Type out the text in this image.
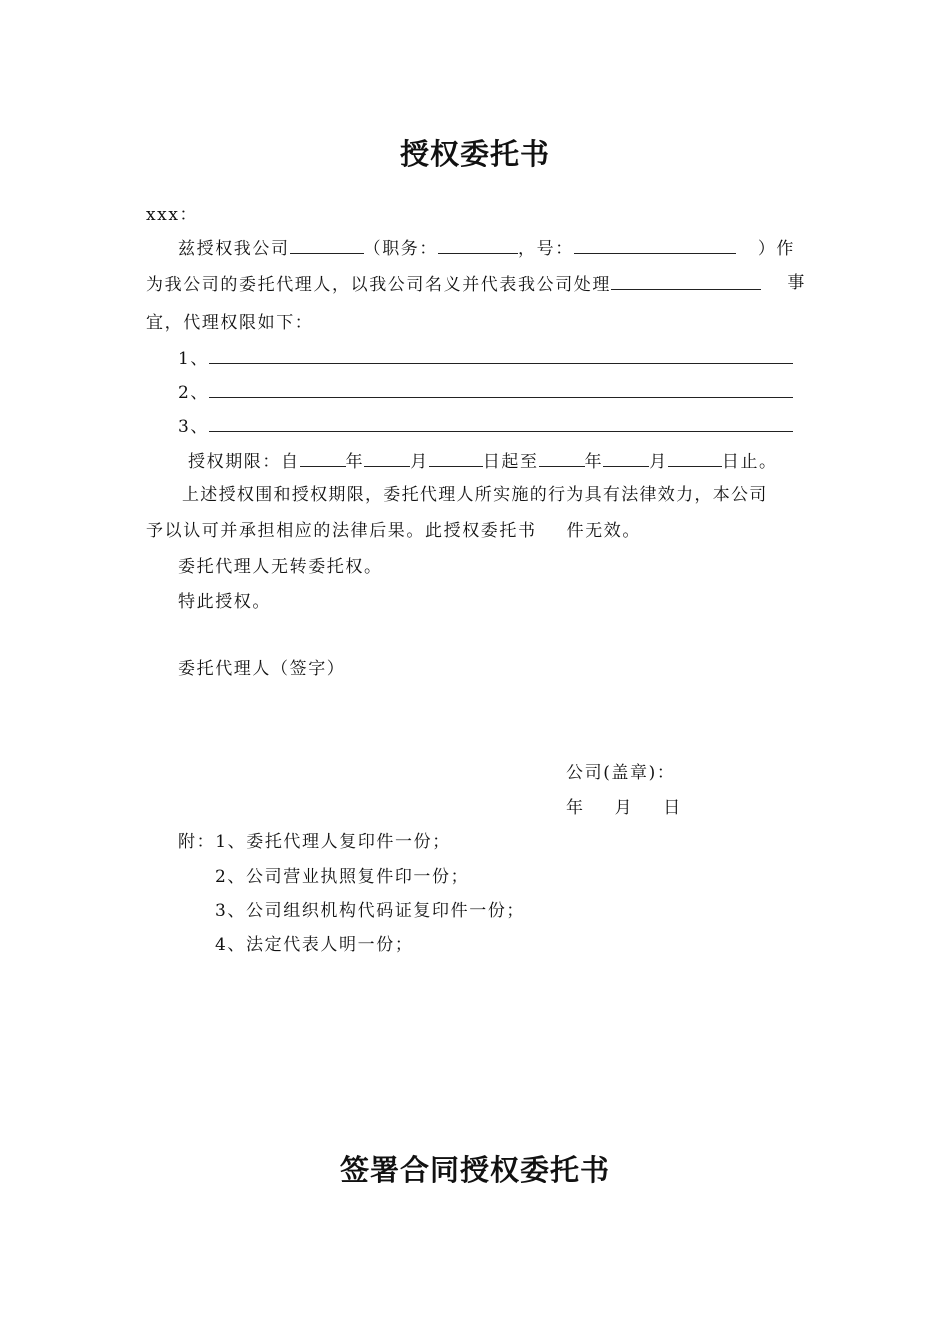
授权委托书
xxx：
兹授权我公司	（职务：	，号：	）作
为我公司的委托代理人，以我公司名义并代表我公司处理	事
宜，代理权限如下：
1、
2、
3、
授权期限：自	年	月	日起至	年	月	日止。
上述授权围和授权期限，委托代理人所实施的行为具有法律效力，本公司
予以认可并承担相应的法律后果。此授权委托书 件无效。
委托代理人无转委托权。
特此授权。
委托代理人（签字）
公司(盖章)：
年 月 日
附：1、委托代理人复印件一份；
2、公司营业执照复件印一份；
3、公司组织机构代码证复印件一份；
4、法定代表人明一份；
签署合同授权委托书
